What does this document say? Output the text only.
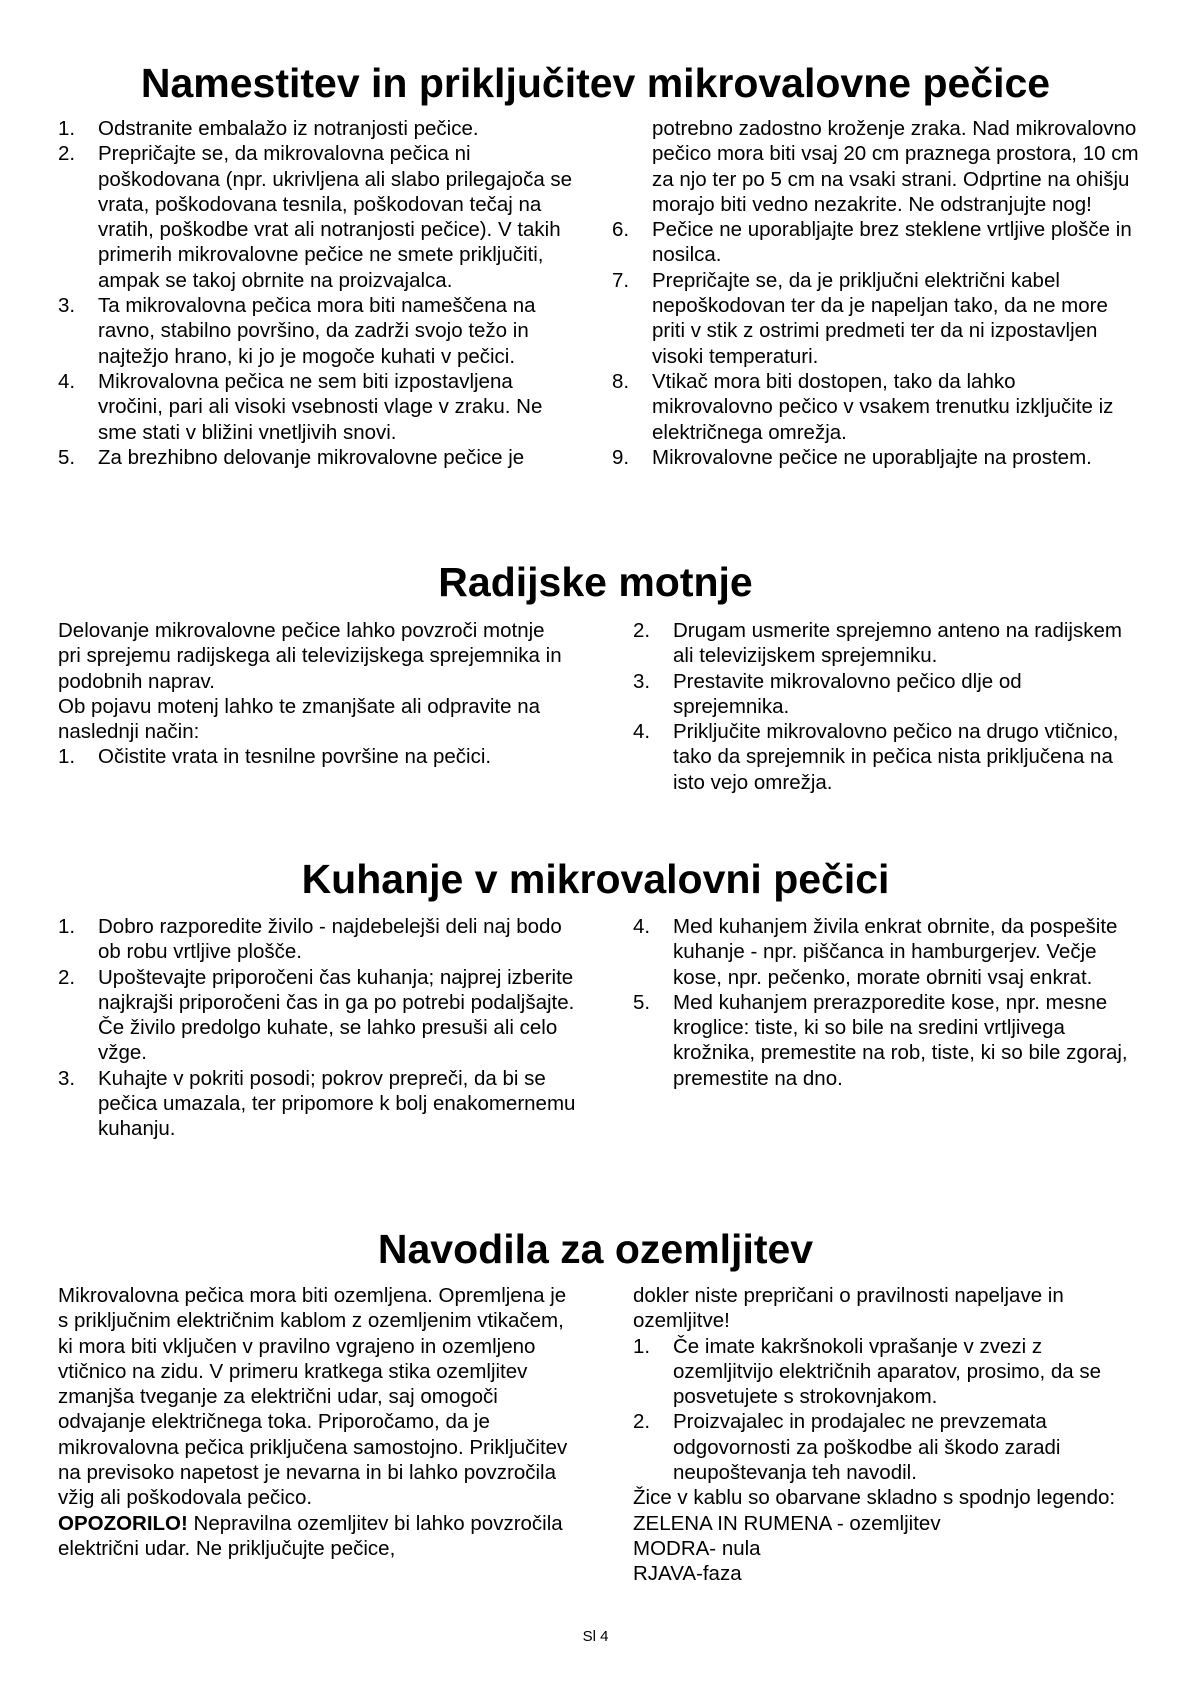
Namestitev in priključitev mikrovalovne pečice
1. Odstranite embalažo iz notranjosti pečice.
2. Prepričajte se, da mikrovalovna pečica ni poškodovana (npr. ukrivljena ali slabo prilegajoča se vrata, poškodovana tesnila, poškodovan tečaj na vratih, poškodbe vrat ali notranjosti pečice). V takih primerih mikrovalovne pečice ne smete priključiti, ampak se takoj obrnite na proizvajalca.
3. Ta mikrovalovna pečica mora biti nameščena na ravno, stabilno površino, da zadrži svojo težo in najtežjo hrano, ki jo je mogoče kuhati v pečici.
4. Mikrovalovna pečica ne sem biti izpostavljena vročini, pari ali visoki vsebnosti vlage v zraku. Ne sme stati v bližini vnetljivih snovi.
5. Za brezhibno delovanje mikrovalovne pečice je

potrebno zadostno kroženje zraka. Nad mikrovalovno pečico mora biti vsaj 20 cm praznega prostora, 10 cm za njo ter po 5 cm na vsaki strani. Odprtine na ohišju morajo biti vedno nezakrite. Ne odstranjujte nog!

6. Pečice ne uporabljajte brez steklene vrtljive plošče in nosilca.
7. Prepričajte se, da je priključni električni kabel nepoškodovan ter da je napeljan tako, da ne more priti v stik z ostrimi predmeti ter da ni izpostavljen visoki temperaturi.
8. Vtikač mora biti dostopen, tako da lahko mikrovalovno pečico v vsakem trenutku izključite iz električnega omrežja.
9. Mikrovalovne pečice ne uporabljajte na prostem.
Radijske motnje

Delovanje mikrovalovne pečice lahko povzroči motnje pri sprejemu radijskega ali televizijskega sprejemnika in podobnih naprav.

Ob pojavu motenj lahko te zmanjšate ali odpravite na naslednji način:

1. Očistite vrata in tesnilne površine na pečici.
2. Drugam usmerite sprejemno anteno na radijskem ali televizijskem sprejemniku.
3. Prestavite mikrovalovno pečico dlje od sprejemnika.
4. Priključite mikrovalovno pečico na drugo vtičnico, tako da sprejemnik in pečica nista priključena na isto vejo omrežja.
Kuhanje v mikrovalovni pečici
1. Dobro razporedite živilo - najdebelejši deli naj bodo ob robu vrtljive plošče.
2. Upoštevajte priporočeni čas kuhanja; najprej izberite najkrajši priporočeni čas in ga po potrebi podaljšajte. Če živilo predolgo kuhate, se lahko presuši ali celo vžge.
3. Kuhajte v pokriti posodi; pokrov prepreči, da bi se pečica umazala, ter pripomore k bolj enakomernemu kuhanju.
4. Med kuhanjem živila enkrat obrnite, da pospešite kuhanje - npr. piščanca in hamburgerjev. Večje kose, npr. pečenko, morate obrniti vsaj enkrat.
5. Med kuhanjem prerazporedite kose, npr. mesne kroglice: tiste, ki so bile na sredini vrtljivega krožnika, premestite na rob, tiste, ki so bile zgoraj, premestite na dno.
Navodila za ozemljitev

Mikrovalovna pečica mora biti ozemljena. Opremljena je s priključnim električnim kablom z ozemljenim vtikačem, ki mora biti vključen v pravilno vgrajeno in ozemljeno vtičnico na zidu. V primeru kratkega stika ozemljitev zmanjša tveganje za električni udar, saj omogoči odvajanje električnega toka. Priporočamo, da je mikrovalovna pečica priključena samostojno. Priključitev na previsoko napetost je nevarna in bi lahko povzročila vžig ali poškodovala pečico.

OPOZORILO! Nepravilna ozemljitev bi lahko povzročila električni udar. Ne priključujte pečice,

dokler niste prepričani o pravilnosti napeljave in ozemljitve!

1. Če imate kakršnokoli vprašanje v zvezi z ozemljitvijo električnih aparatov, prosimo, da se posvetujete s strokovnjakom.
2. Proizvajalec in prodajalec ne prevzemata odgovornosti za poškodbe ali škodo zaradi neupoštevanja teh navodil.

Žice v kablu so obarvane skladno s spodnjo legendo:

ZELENA IN RUMENA - ozemljitev

MODRA- nula

RJAVA-faza

Sl 4
